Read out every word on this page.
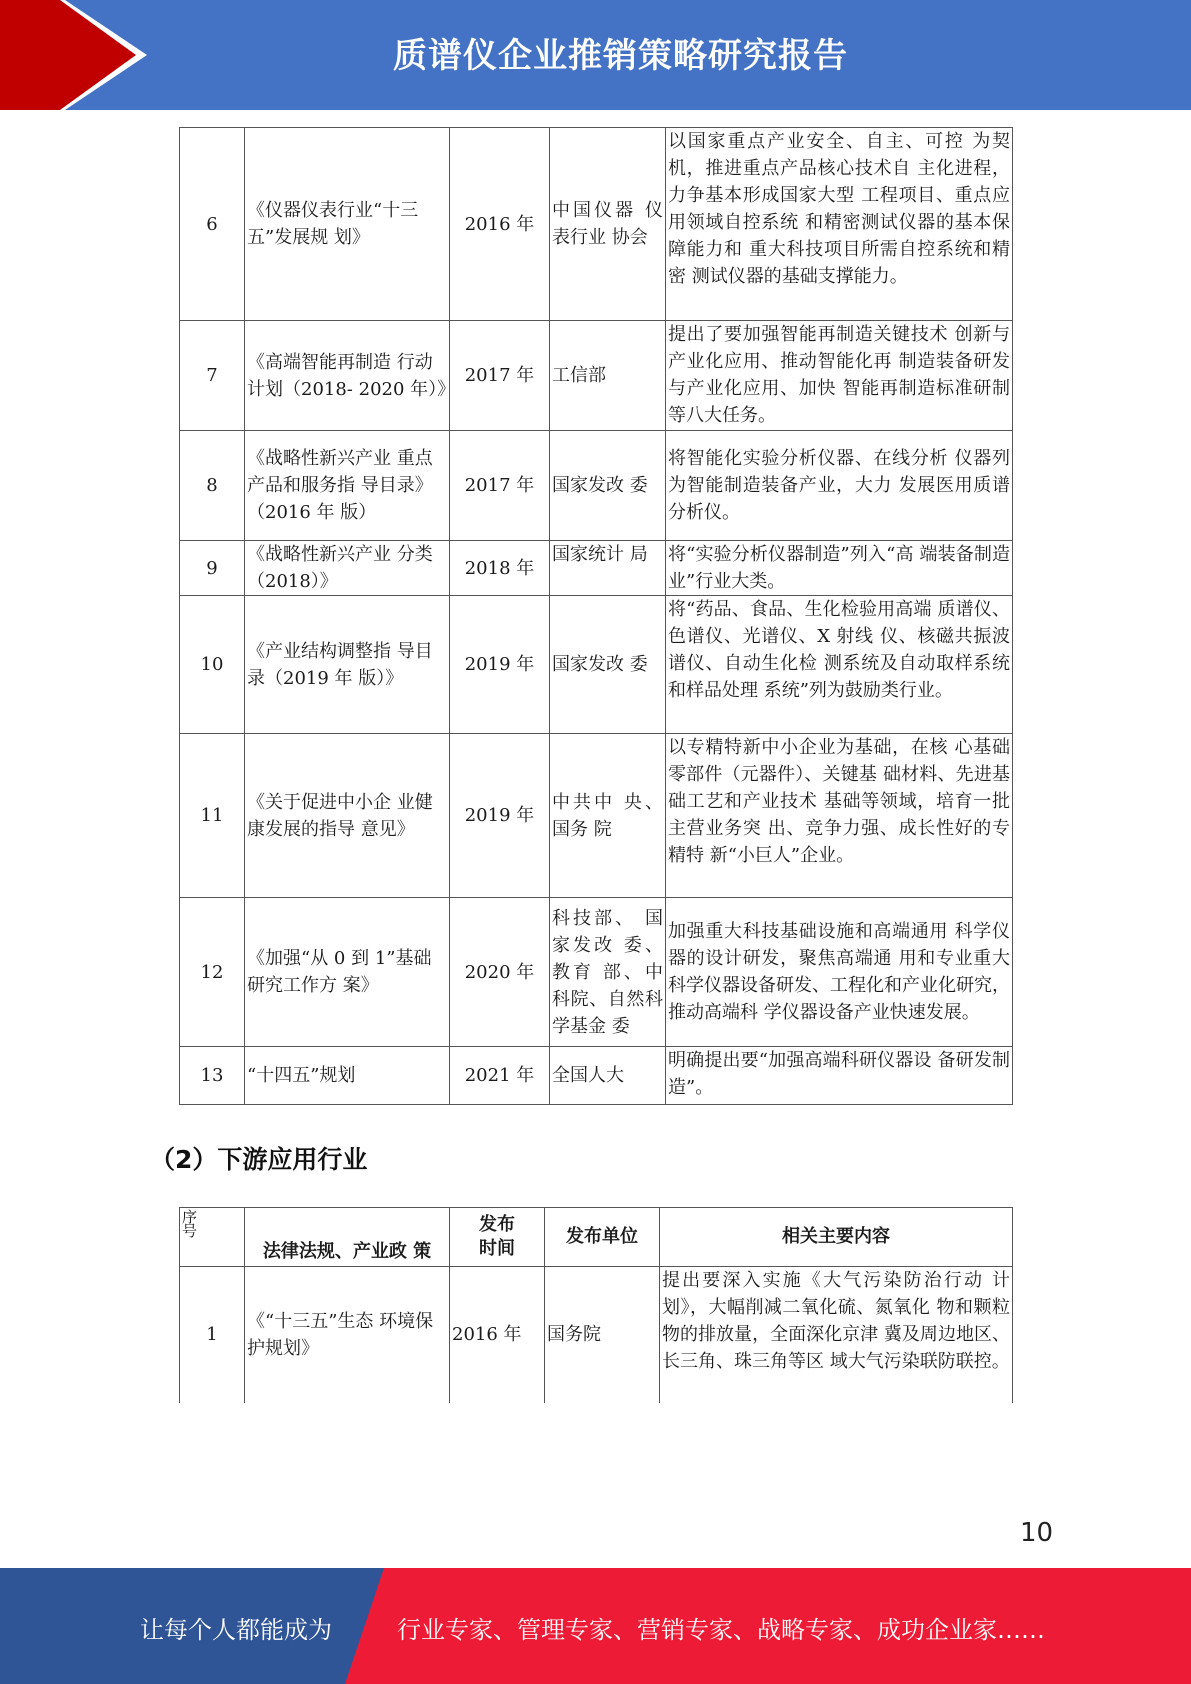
质谱仪企业推销策略研究报告
6	《仪器仪表行业“十三五”发展规 划》	2016 年	中国仪器 仪表行业 协会	以国家重点产业安全、自主、可控 为契机，推进重点产品核心技术自 主化进程，力争基本形成国家大型 工程项目、重点应用领域自控系统 和精密测试仪器的基本保障能力和 重大科技项目所需自控系统和精密 测试仪器的基础支撑能力。
7	《高端智能再制造 行动计划（2018- 2020 年）》	2017 年	工信部	提出了要加强智能再制造关键技术 创新与产业化应用、推动智能化再 制造装备研发与产业化应用、加快 智能再制造标准研制等八大任务。
8	《战略性新兴产业 重点产品和服务指 导目录》（2016 年 版）	2017 年	国家发改 委	将智能化实验分析仪器、在线分析 仪器列为智能制造装备产业，大力 发展医用质谱分析仪。
9	《战略性新兴产业 分类（2018）》	2018 年	国家统计 局	将“实验分析仪器制造”列入“高 端装备制造业”行业大类。
10	《产业结构调整指 导目录（2019 年 版）》	2019 年	国家发改 委	将“药品、食品、生化检验用高端 质谱仪、色谱仪、光谱仪、X 射线 仪、核磁共振波谱仪、自动生化检 测系统及自动取样系统和样品处理 系统”列为鼓励类行业。
11	《关于促进中小企 业健康发展的指导 意见》	2019 年	中共中 央、国务 院	以专精特新中小企业为基础，在核 心基础零部件（元器件）、关键基 础材料、先进基础工艺和产业技术 基础等领域，培育一批主营业务突 出、竞争力强、成长性好的专精特 新“小巨人”企业。
12	《加强“从 0 到 1”基础研究工作方 案》	2020 年	科技部、 国家发改 委、教育 部、中科院、自然科学基金 委	加强重大科技基础设施和高端通用 科学仪器的设计研发，聚焦高端通 用和专业重大科学仪器设备研发、工程化和产业化研究，推动高端科 学仪器设备产业快速发展。
13	“十四五”规划	2021 年	全国人大	明确提出要“加强高端科研仪器设 备研发制造”。
（2）下游应用行业
序号	法律法规、产业政 策	发布时间	发布单位	相关主要内容
1	《“十三五”生态 环境保护规划》	2016 年	国务院	提出要深入实施《大气污染防治行动 计划》，大幅削减二氧化硫、氮氧化 物和颗粒物的排放量，全面深化京津 冀及周边地区、长三角、珠三角等区 域大气污染联防联控。
10
让每个人都能成为	行业专家、管理专家、营销专家、战略专家、成功企业家……
